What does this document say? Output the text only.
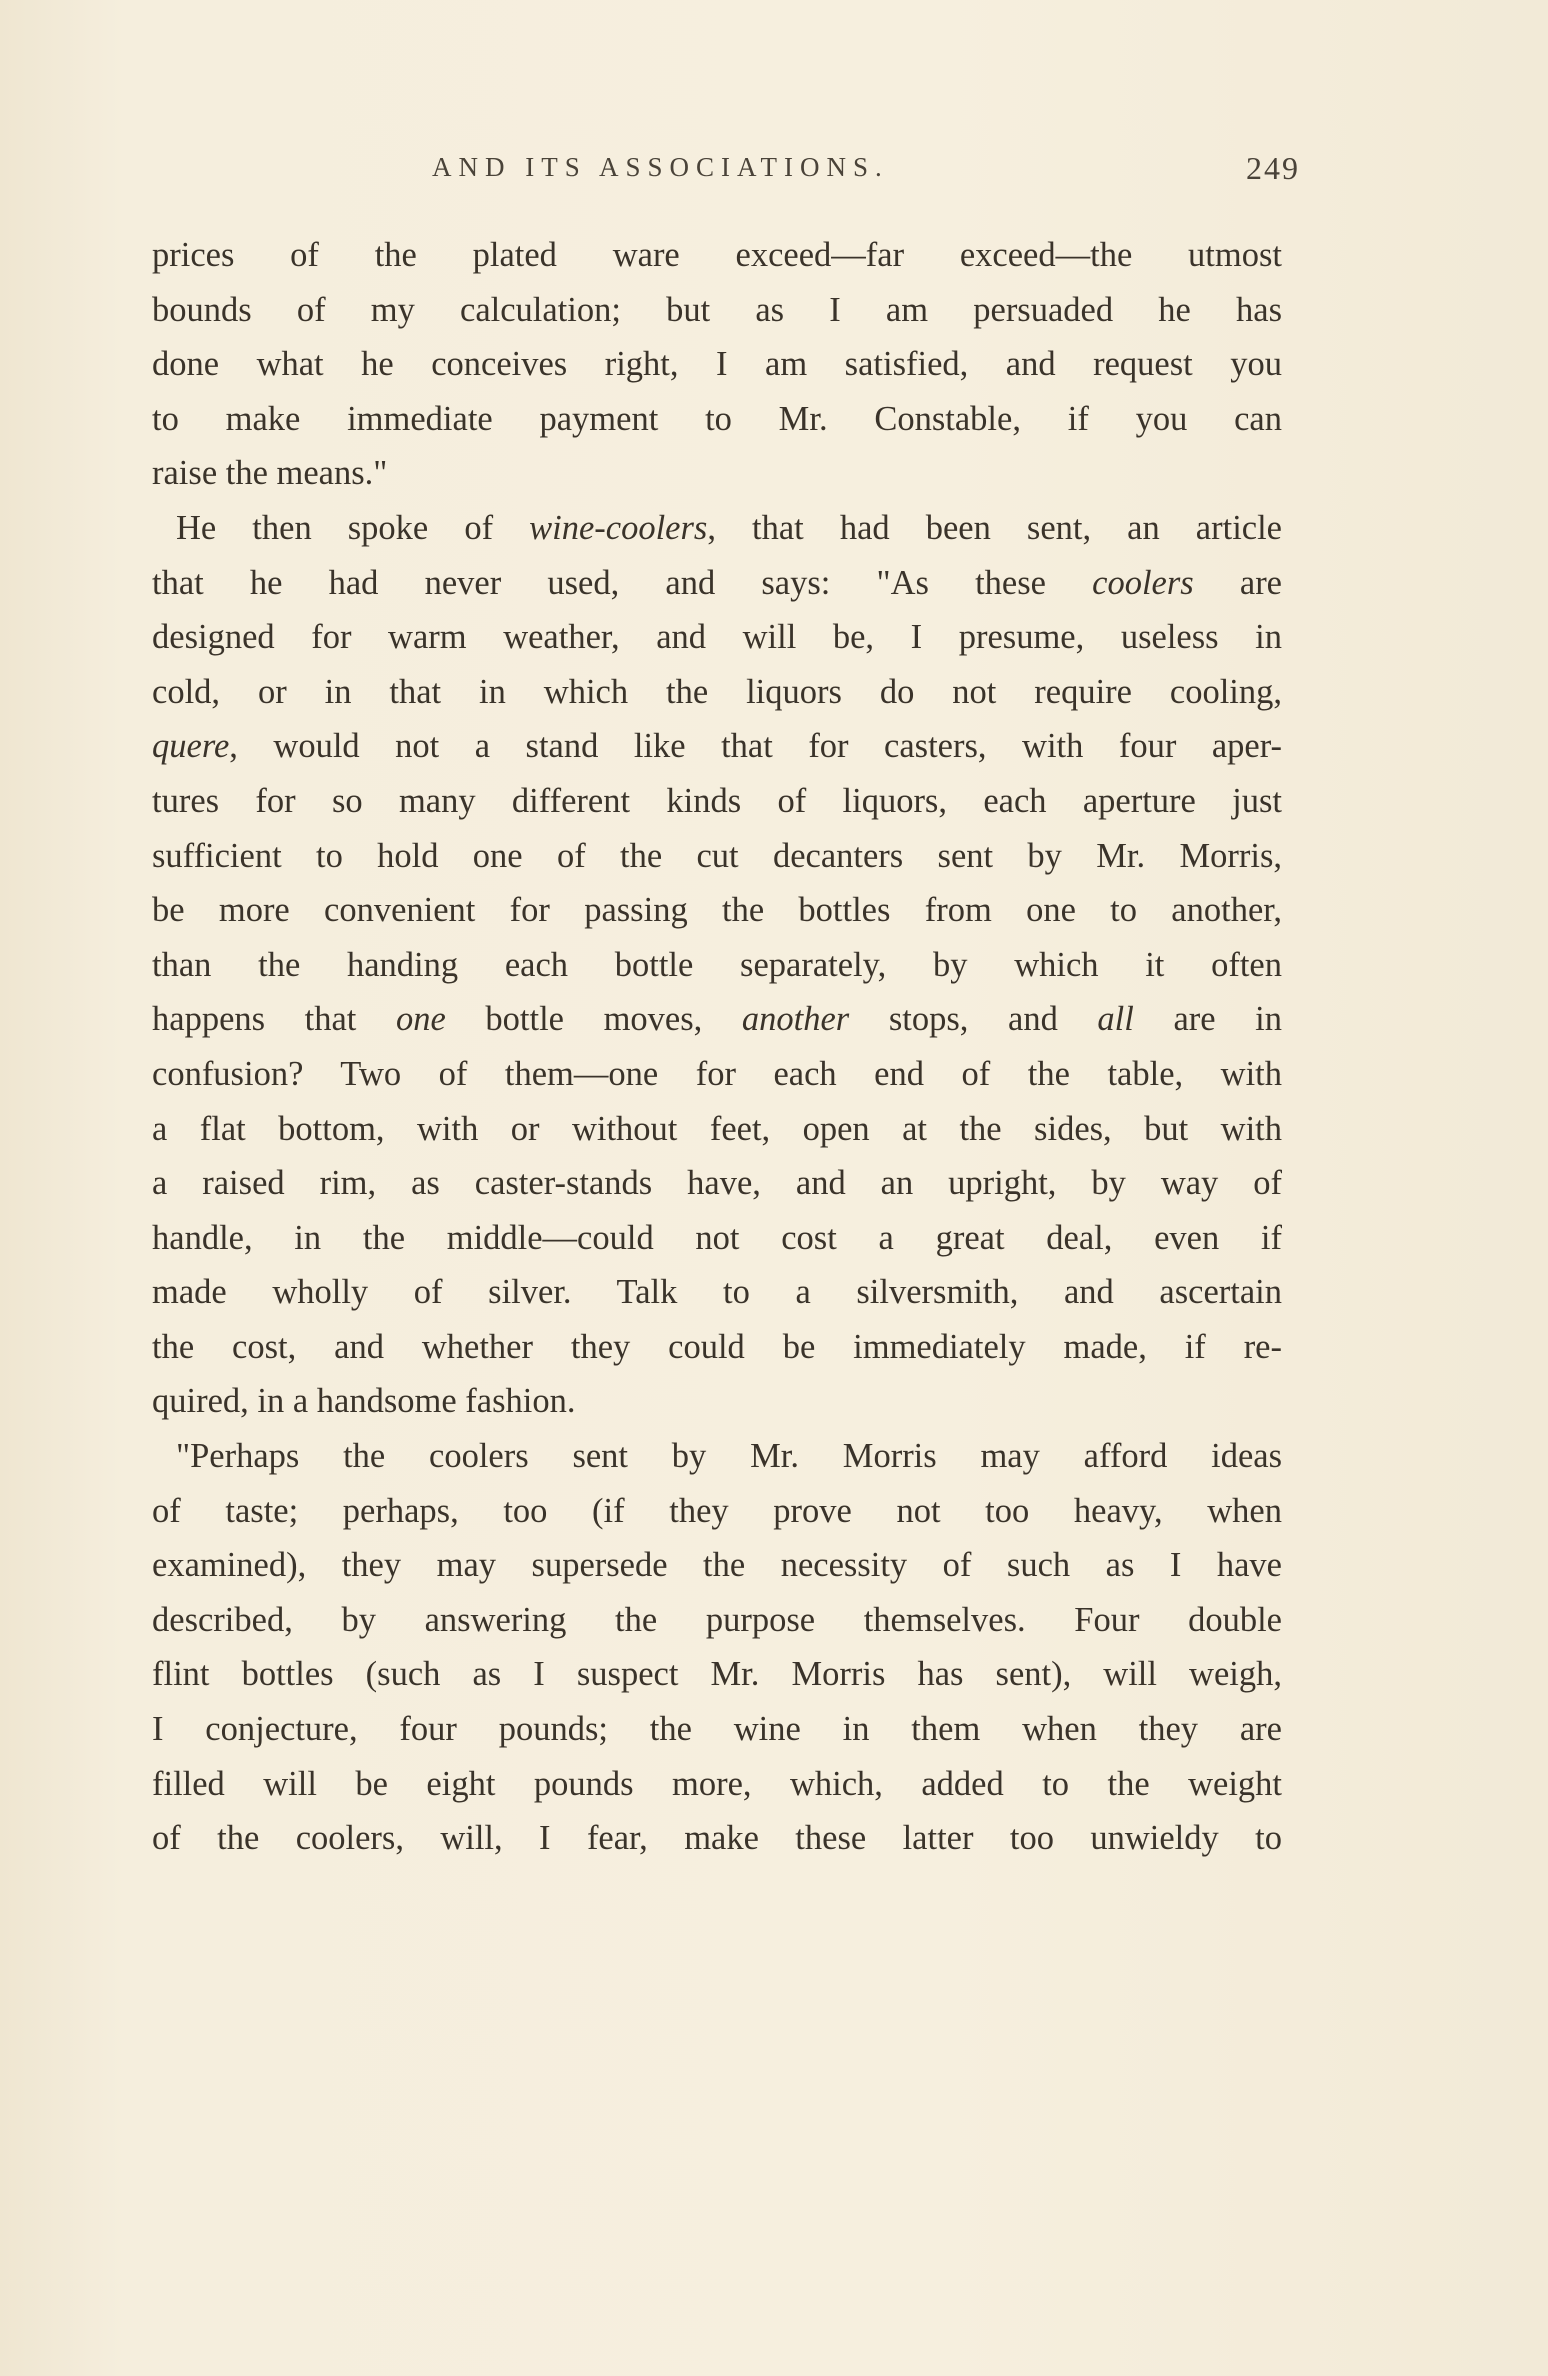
AND ITS ASSOCIATIONS.	249
prices of the plated ware exceed—far exceed—the utmost
bounds of my calculation; but as I am persuaded he has
done what he conceives right, I am satisfied, and request you
to make immediate payment to Mr. Constable, if you can
raise the means."
He then spoke of wine-coolers, that had been sent, an article
that he had never used, and says: "As these coolers are
designed for warm weather, and will be, I presume, useless in
cold, or in that in which the liquors do not require cooling,
quere, would not a stand like that for casters, with four aper-
tures for so many different kinds of liquors, each aperture just
sufficient to hold one of the cut decanters sent by Mr. Morris,
be more convenient for passing the bottles from one to another,
than the handing each bottle separately, by which it often
happens that one bottle moves, another stops, and all are in
confusion? Two of them—one for each end of the table, with
a flat bottom, with or without feet, open at the sides, but with
a raised rim, as caster-stands have, and an upright, by way of
handle, in the middle—could not cost a great deal, even if
made wholly of silver. Talk to a silversmith, and ascertain
the cost, and whether they could be immediately made, if re-
quired, in a handsome fashion.
"Perhaps the coolers sent by Mr. Morris may afford ideas
of taste; perhaps, too (if they prove not too heavy, when
examined), they may supersede the necessity of such as I have
described, by answering the purpose themselves. Four double
flint bottles (such as I suspect Mr. Morris has sent), will weigh,
I conjecture, four pounds; the wine in them when they are
filled will be eight pounds more, which, added to the weight
of the coolers, will, I fear, make these latter too unwieldy to
